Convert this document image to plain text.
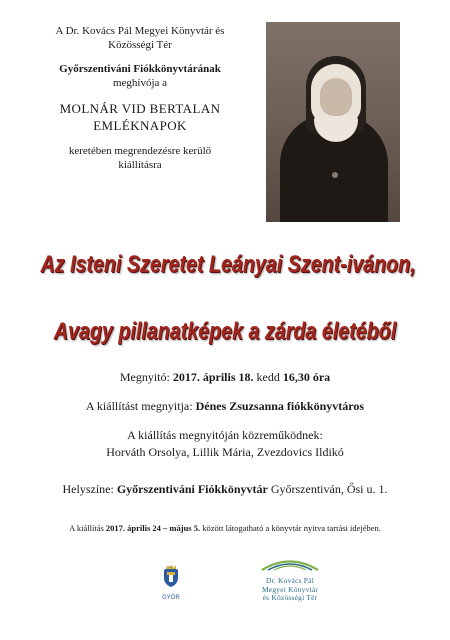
A Dr. Kovács Pál Megyei Könyvtár és
Közösségi Tér
Győrszentiváni Fiókkönyvtárának
meghívója a
MOLNÁR VID BERTALAN
EMLÉKNAPOK
keretében megrendezésre kerülő
kiállításra
Az Isteni Szeretet Leányai Szent-ivánon,
Avagy pillanatképek a zárda életéből
Megnyitó: 2017. április 18. kedd 16,30 óra
A kiállítást megnyitja: Dénes Zsuzsanna fiókkönyvtáros
A kiállítás megnyitóján közreműködnek:
Horváth Orsolya, Lillik Mária, Zvezdovics Ildikó
Helyszíne: Győrszentiváni Fiókkönyvtár Győrszentiván, Ősi u. 1.
A kiállítás 2017. április 24 – május 5. között látogatható a könyvtár nyitva tartási idejében.
GYŐR
Dr. Kovács Pál
Megyei Könyvtár
és Közösségi Tér
